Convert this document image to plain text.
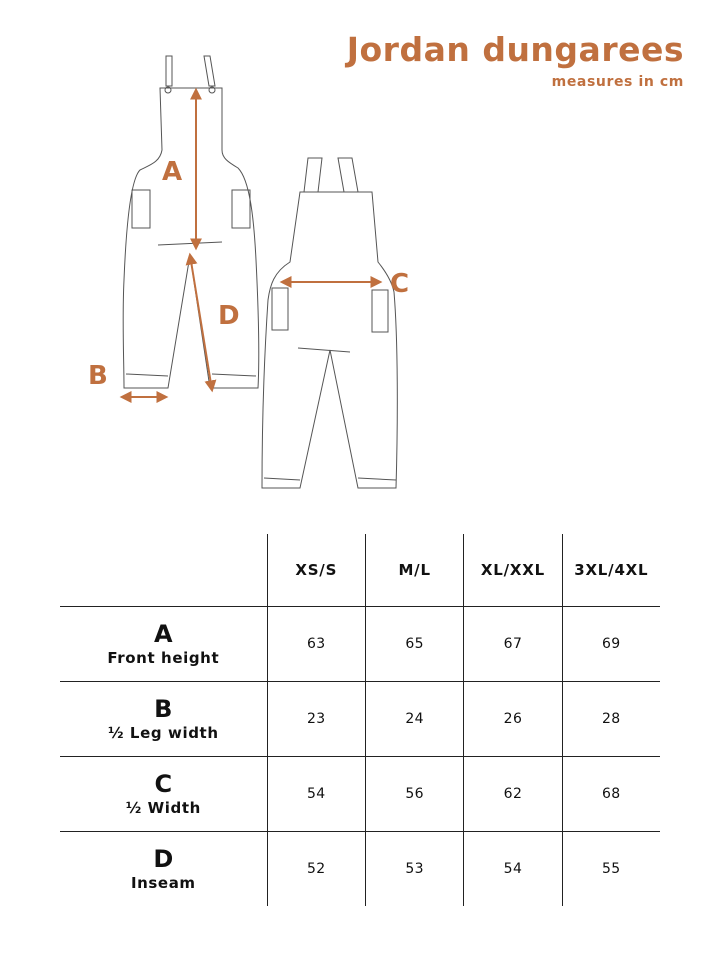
Jordan dungarees
measures in cm
A
B
C
D
XS/S	M/L	XL/XXL	3XL/4XL
A
Front height
63	65	67	69
B
½ Leg width
23	24	26	28
C
½ Width
54	56	62	68
D
Inseam
52	53	54	55
